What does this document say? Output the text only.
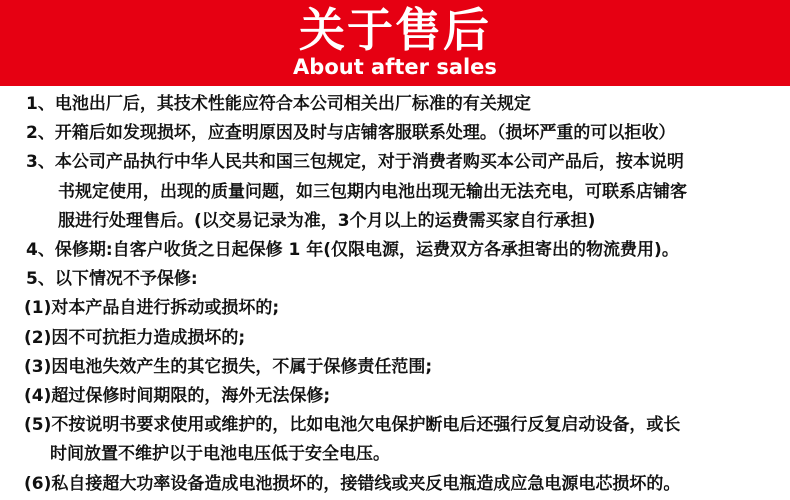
关于售后
About after sales
1、电池出厂后，其技术性能应符合本公司相关出厂标准的有关规定
2、开箱后如发现损坏，应查明原因及时与店铺客服联系处理。（损坏严重的可以拒收）
3、本公司产品执行中华人民共和国三包规定，对于消费者购买本公司产品后，按本说明
书规定使用，出现的质量问题，如三包期内电池出现无输出无法充电，可联系店铺客
服进行处理售后。(以交易记录为准，3个月以上的运费需买家自行承担)
4、保修期:自客户收货之日起保修 1 年(仅限电源，运费双方各承担寄出的物流费用)。
5、以下情况不予保修:
(1)对本产品自进行拆动或损坏的;
(2)因不可抗拒力造成损坏的;
(3)因电池失效产生的其它损失，不属于保修责任范围;
(4)超过保修时间期限的，海外无法保修;
(5)不按说明书要求使用或维护的，比如电池欠电保护断电后还强行反复启动设备，或长
时间放置不维护以于电池电压低于安全电压。
(6)私自接超大功率设备造成电池损坏的，接错线或夹反电瓶造成应急电源电芯损坏的。
